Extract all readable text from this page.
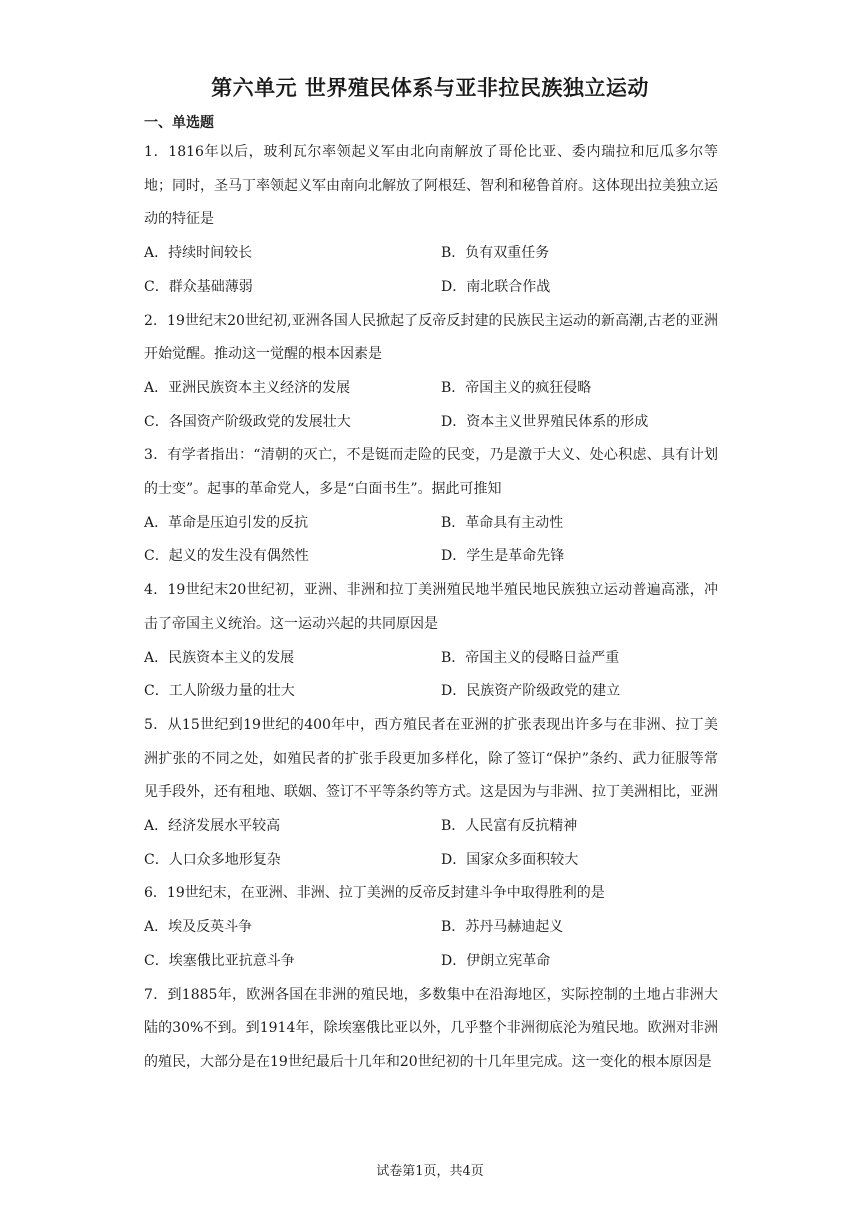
第六单元 世界殖民体系与亚非拉民族独立运动
一、单选题

1．1816年以后，玻利瓦尔率领起义军由北向南解放了哥伦比亚、委内瑞拉和厄瓜多尔等地；同时，圣马丁率领起义军由南向北解放了阿根廷、智利和秘鲁首府。这体现出拉美独立运动的特征是

A．持续时间较长	B．负有双重任务
C．群众基础薄弱	D．南北联合作战

2．19世纪末20世纪初,亚洲各国人民掀起了反帝反封建的民族民主运动的新高潮,古老的亚洲开始觉醒。推动这一觉醒的根本因素是

A．亚洲民族资本主义经济的发展	B．帝国主义的疯狂侵略
C．各国资产阶级政党的发展壮大	D．资本主义世界殖民体系的形成

3．有学者指出：“清朝的灭亡，不是铤而走险的民变，乃是激于大义、处心积虑、具有计划的士变”。起事的革命党人，多是“白面书生”。据此可推知

A．革命是压迫引发的反抗	B．革命具有主动性
C．起义的发生没有偶然性	D．学生是革命先锋

4．19世纪末20世纪初，亚洲、非洲和拉丁美洲殖民地半殖民地民族独立运动普遍高涨，冲击了帝国主义统治。这一运动兴起的共同原因是

A．民族资本主义的发展	B．帝国主义的侵略日益严重
C．工人阶级力量的壮大	D．民族资产阶级政党的建立

5．从15世纪到19世纪的400年中，西方殖民者在亚洲的扩张表现出许多与在非洲、拉丁美洲扩张的不同之处，如殖民者的扩张手段更加多样化，除了签订“保护”条约、武力征服等常见手段外，还有租地、联姻、签订不平等条约等方式。这是因为与非洲、拉丁美洲相比，亚洲

A．经济发展水平较高	B．人民富有反抗精神
C．人口众多地形复杂	D．国家众多面积较大

6．19世纪末，在亚洲、非洲、拉丁美洲的反帝反封建斗争中取得胜利的是

A．埃及反英斗争	B．苏丹马赫迪起义
C．埃塞俄比亚抗意斗争	D．伊朗立宪革命

7．到1885年，欧洲各国在非洲的殖民地，多数集中在沿海地区，实际控制的土地占非洲大陆的30%不到。到1914年，除埃塞俄比亚以外，几乎整个非洲彻底沦为殖民地。欧洲对非洲的殖民，大部分是在19世纪最后十几年和20世纪初的十几年里完成。这一变化的根本原因是

试卷第1页，共4页
